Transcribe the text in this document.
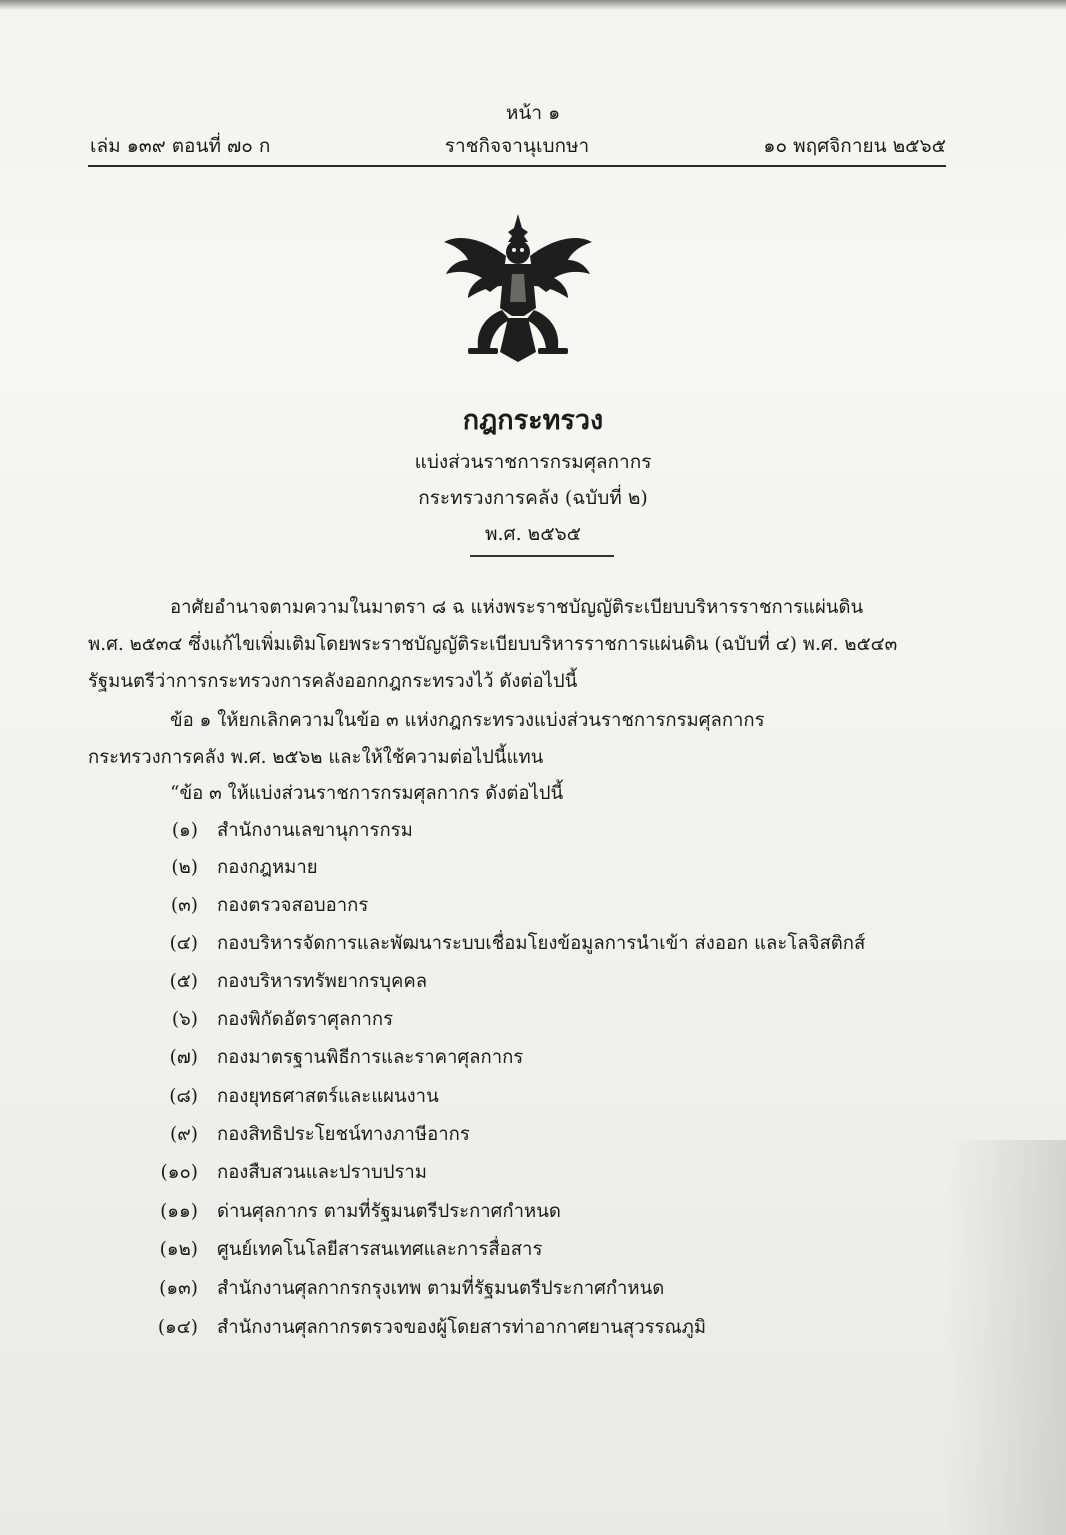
หน้า ๑
เล่ม ๑๓๙ ตอนที่ ๗๐ ก	ราชกิจจานุเบกษา	๑๐ พฤศจิกายน ๒๕๖๕
กฎกระทรวง
แบ่งส่วนราชการกรมศุลกากร
กระทรวงการคลัง (ฉบับที่ ๒)
พ.ศ. ๒๕๖๕
อาศัยอำนาจตามความในมาตรา ๘ ฉ แห่งพระราชบัญญัติระเบียบบริหารราชการแผ่นดิน
พ.ศ. ๒๕๓๔ ซึ่งแก้ไขเพิ่มเติมโดยพระราชบัญญัติระเบียบบริหารราชการแผ่นดิน (ฉบับที่ ๔) พ.ศ. ๒๕๔๓
รัฐมนตรีว่าการกระทรวงการคลังออกกฎกระทรวงไว้ ดังต่อไปนี้
ข้อ ๑ ให้ยกเลิกความในข้อ ๓ แห่งกฎกระทรวงแบ่งส่วนราชการกรมศุลกากร
กระทรวงการคลัง พ.ศ. ๒๕๖๒ และให้ใช้ความต่อไปนี้แทน
“ข้อ ๓ ให้แบ่งส่วนราชการกรมศุลกากร ดังต่อไปนี้
(๑) สำนักงานเลขานุการกรม
(๒) กองกฎหมาย
(๓) กองตรวจสอบอากร
(๔) กองบริหารจัดการและพัฒนาระบบเชื่อมโยงข้อมูลการนำเข้า ส่งออก และโลจิสติกส์
(๕) กองบริหารทรัพยากรบุคคล
(๖) กองพิกัดอัตราศุลกากร
(๗) กองมาตรฐานพิธีการและราคาศุลกากร
(๘) กองยุทธศาสตร์และแผนงาน
(๙) กองสิทธิประโยชน์ทางภาษีอากร
(๑๐) กองสืบสวนและปราบปราม
(๑๑) ด่านศุลกากร ตามที่รัฐมนตรีประกาศกำหนด
(๑๒) ศูนย์เทคโนโลยีสารสนเทศและการสื่อสาร
(๑๓) สำนักงานศุลกากรกรุงเทพ ตามที่รัฐมนตรีประกาศกำหนด
(๑๔) สำนักงานศุลกากรตรวจของผู้โดยสารท่าอากาศยานสุวรรณภูมิ
